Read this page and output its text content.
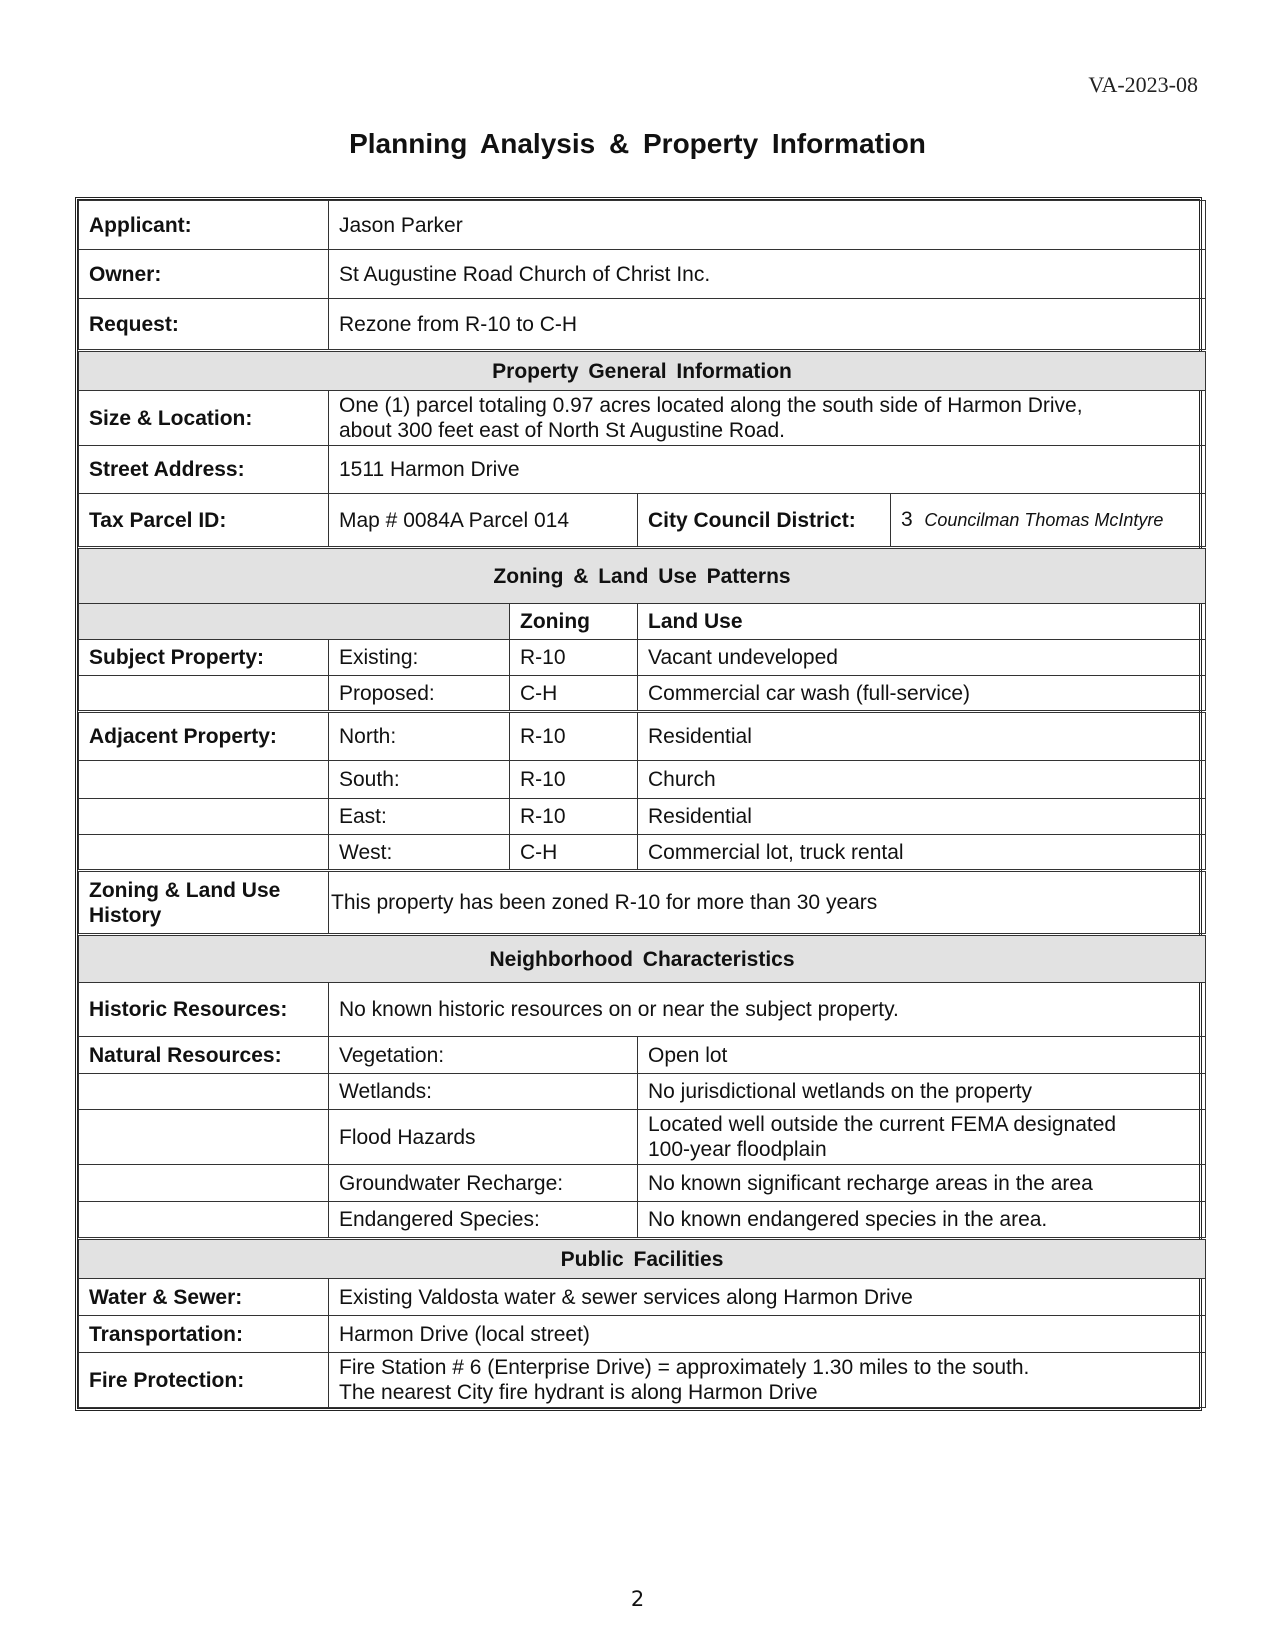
VA-2023-08
Planning Analysis & Property Information
Applicant:	Jason Parker			
Owner:	St Augustine Road Church of Christ Inc.			
Request:	Rezone from R-10 to C-H			
Property General Information				
Size & Location:	One (1) parcel totaling 0.97 acres located along the south side of Harmon Drive,
about 300 feet east of North St Augustine Road.			

Street Address:	1511 Harmon Drive			
Tax Parcel ID:	Map # 0084A Parcel 014		City Council District:	3 Councilman Thomas McIntyre
Zoning & Land Use Patterns				
		Zoning	Land Use	
Subject Property:	Existing:	R-10	Vacant undeveloped	
	Proposed:	C-H	Commercial car wash (full-service)	
Adjacent Property:	North:	R-10	Residential	
	South:	R-10	Church	
	East:	R-10	Residential	
	West:	C-H	Commercial lot, truck rental	

Zoning & Land Use
History	This property has been zoned R-10 for more than 30 years			
Neighborhood Characteristics				
Historic Resources:	No known historic resources on or near the subject property.			
Natural Resources:	Vegetation:		Open lot	
	Wetlands:		No jurisdictional wetlands on the property	
	Flood Hazards		Located well outside the current FEMA designated
100-year floodplain	

	Groundwater Recharge:		No known significant recharge areas in the area	
	Endangered Species:		No known endangered species in the area.	
Public Facilities				
Water & Sewer:	Existing Valdosta water & sewer services along Harmon Drive			
Transportation:	Harmon Drive (local street)			
Fire Protection:	Fire Station # 6 (Enterprise Drive) = approximately 1.30 miles to the south.
The nearest City fire hydrant is along Harmon Drive			
2
